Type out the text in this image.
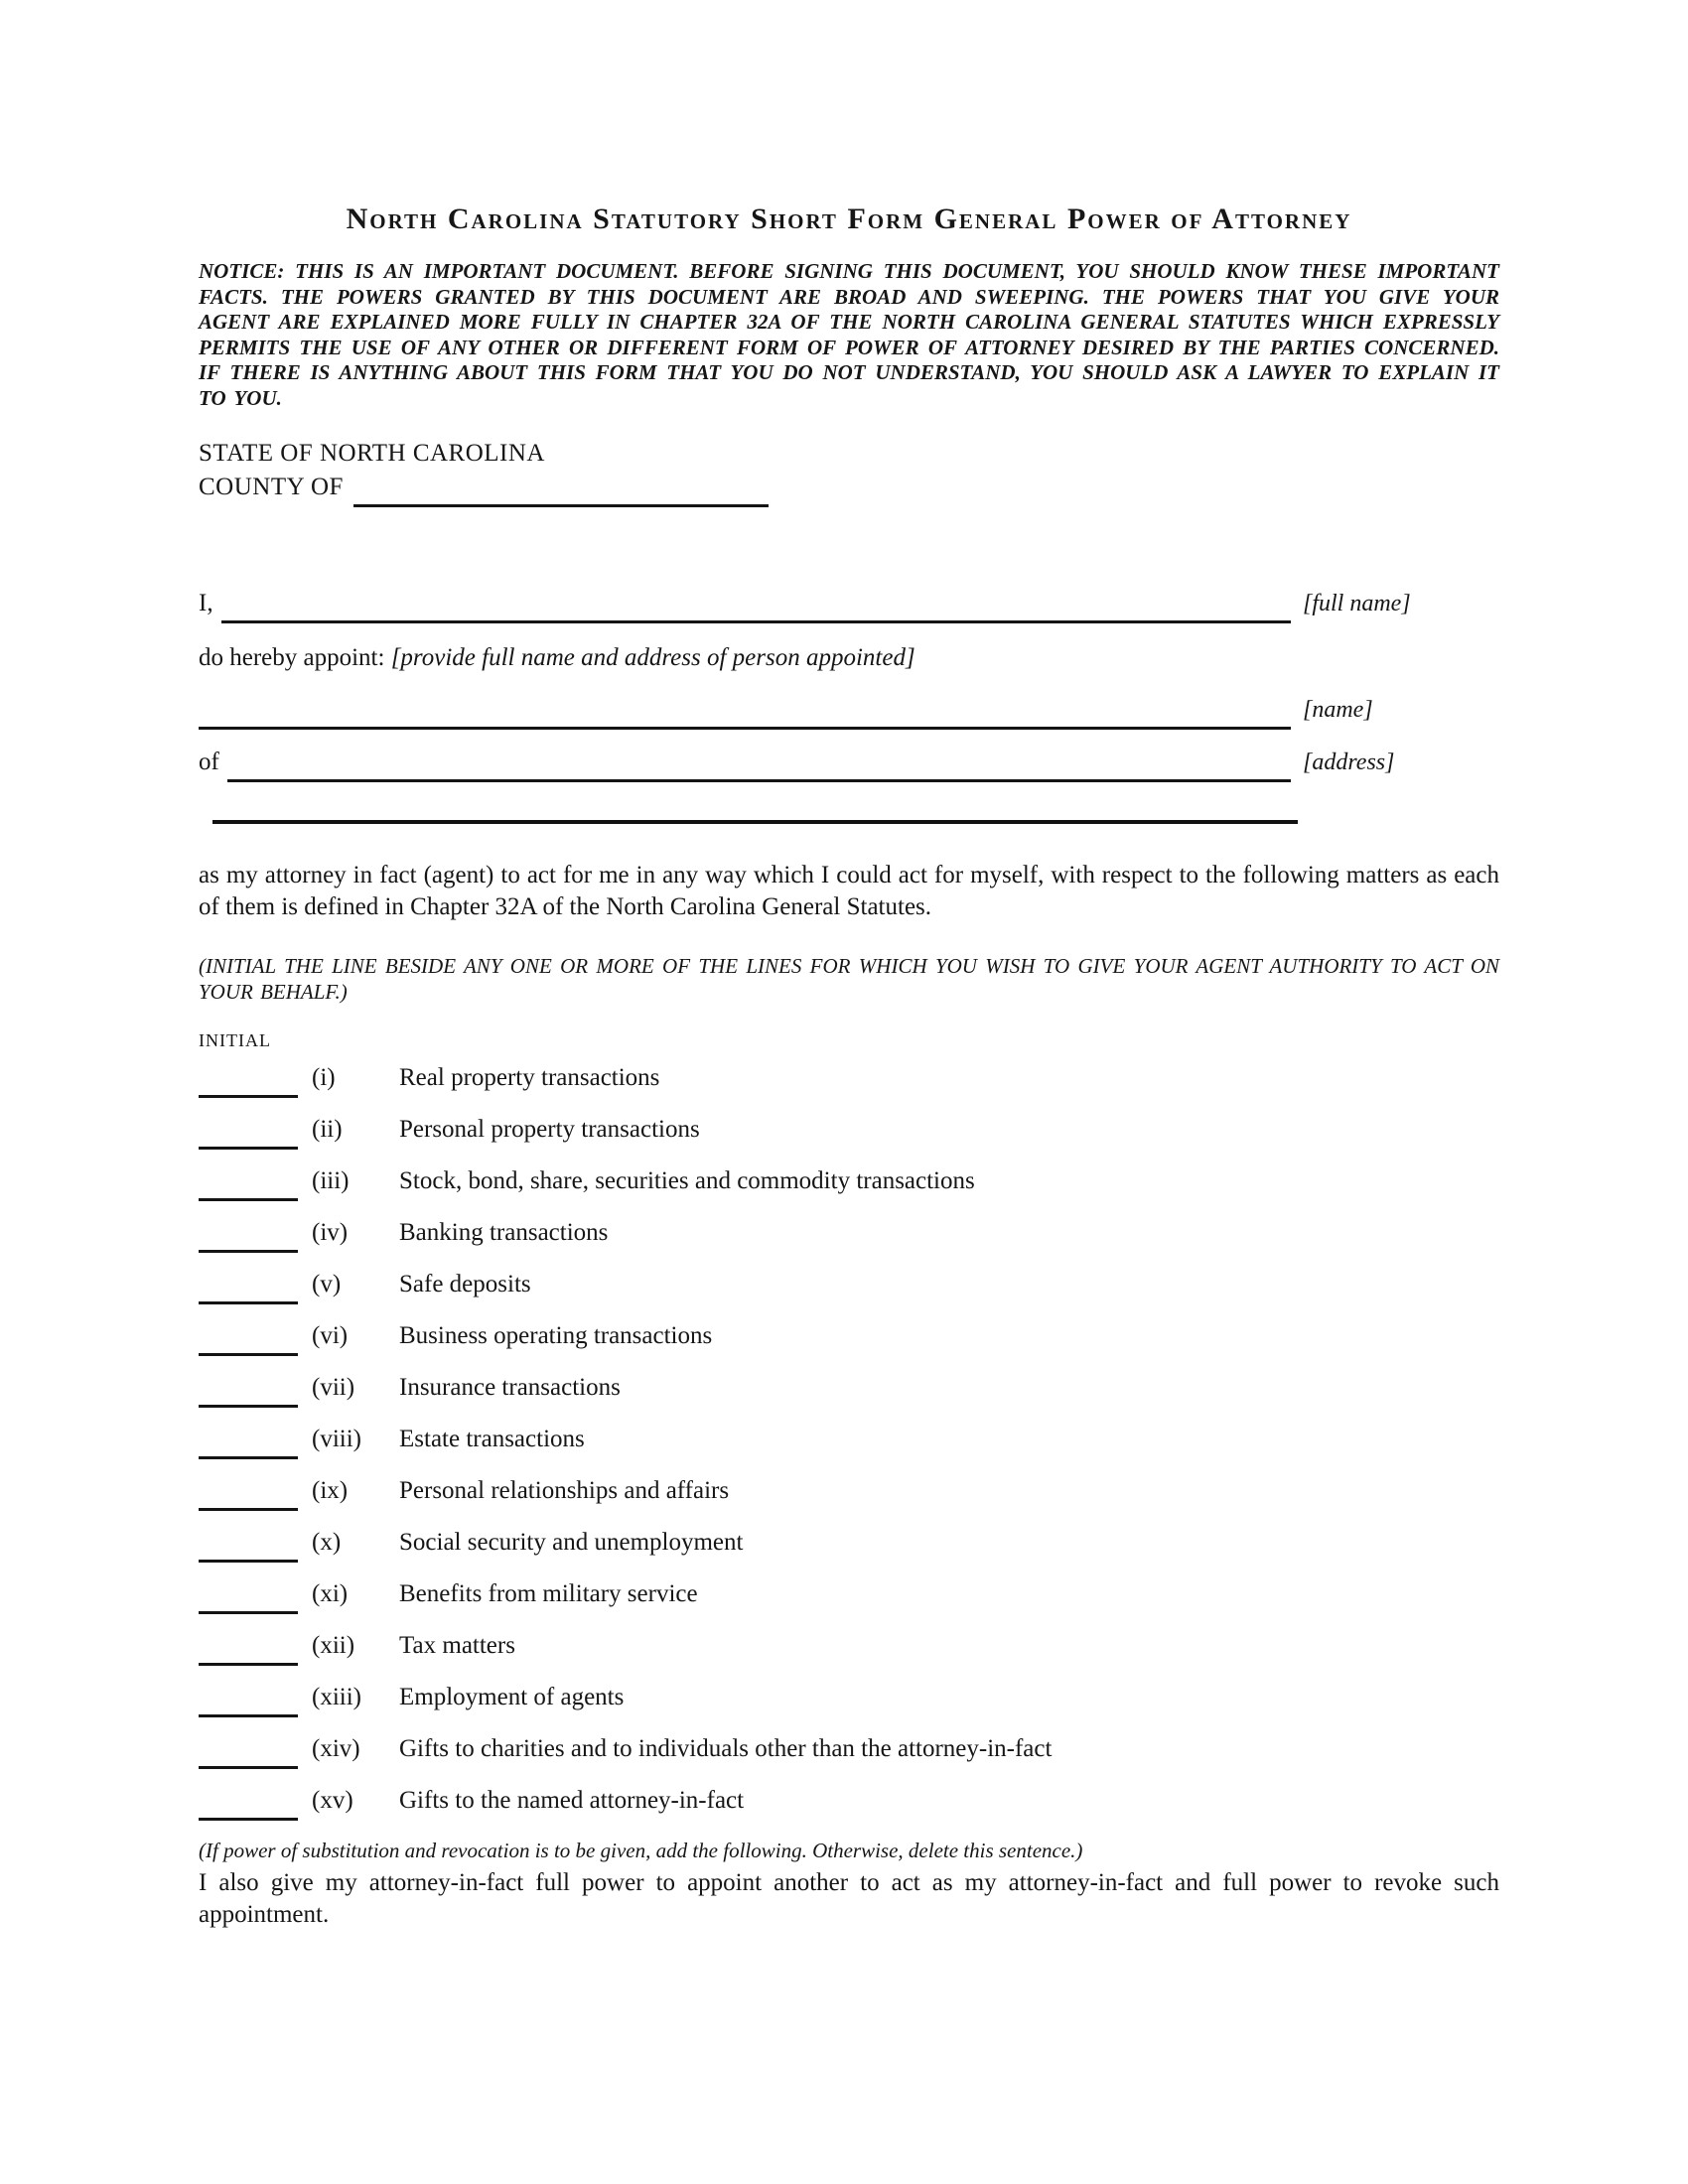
North Carolina Statutory Short Form General Power of Attorney

NOTICE: THIS IS AN IMPORTANT DOCUMENT. BEFORE SIGNING THIS DOCUMENT, YOU SHOULD KNOW THESE IMPORTANT FACTS. THE POWERS GRANTED BY THIS DOCUMENT ARE BROAD AND SWEEPING. THE POWERS THAT YOU GIVE YOUR AGENT ARE EXPLAINED MORE FULLY IN CHAPTER 32A OF THE NORTH CAROLINA GENERAL STATUTES WHICH EXPRESSLY PERMITS THE USE OF ANY OTHER OR DIFFERENT FORM OF POWER OF ATTORNEY DESIRED BY THE PARTIES CONCERNED. IF THERE IS ANYTHING ABOUT THIS FORM THAT YOU DO NOT UNDERSTAND, YOU SHOULD ASK A LAWYER TO EXPLAIN IT TO YOU.

STATE OF NORTH CAROLINA
COUNTY OF
I,	[full name]
do hereby appoint: [provide full name and address of person appointed]
[name]
of	[address]

as my attorney in fact (agent) to act for me in any way which I could act for myself, with respect to the following matters as each of them is defined in Chapter 32A of the North Carolina General Statutes.

(INITIAL THE LINE BESIDE ANY ONE OR MORE OF THE LINES FOR WHICH YOU WISH TO GIVE YOUR AGENT AUTHORITY TO ACT ON YOUR BEHALF.)

INITIAL
(i)	Real property transactions
(ii)	Personal property transactions
(iii)	Stock, bond, share, securities and commodity transactions
(iv)	Banking transactions
(v)	Safe deposits
(vi)	Business operating transactions
(vii)	Insurance transactions
(viii)	Estate transactions
(ix)	Personal relationships and affairs
(x)	Social security and unemployment
(xi)	Benefits from military service
(xii)	Tax matters
(xiii)	Employment of agents
(xiv)	Gifts to charities and to individuals other than the attorney-in-fact
(xv)	Gifts to the named attorney-in-fact

(If power of substitution and revocation is to be given, add the following. Otherwise, delete this sentence.)

I also give my attorney-in-fact full power to appoint another to act as my attorney-in-fact and full power to revoke such appointment.
